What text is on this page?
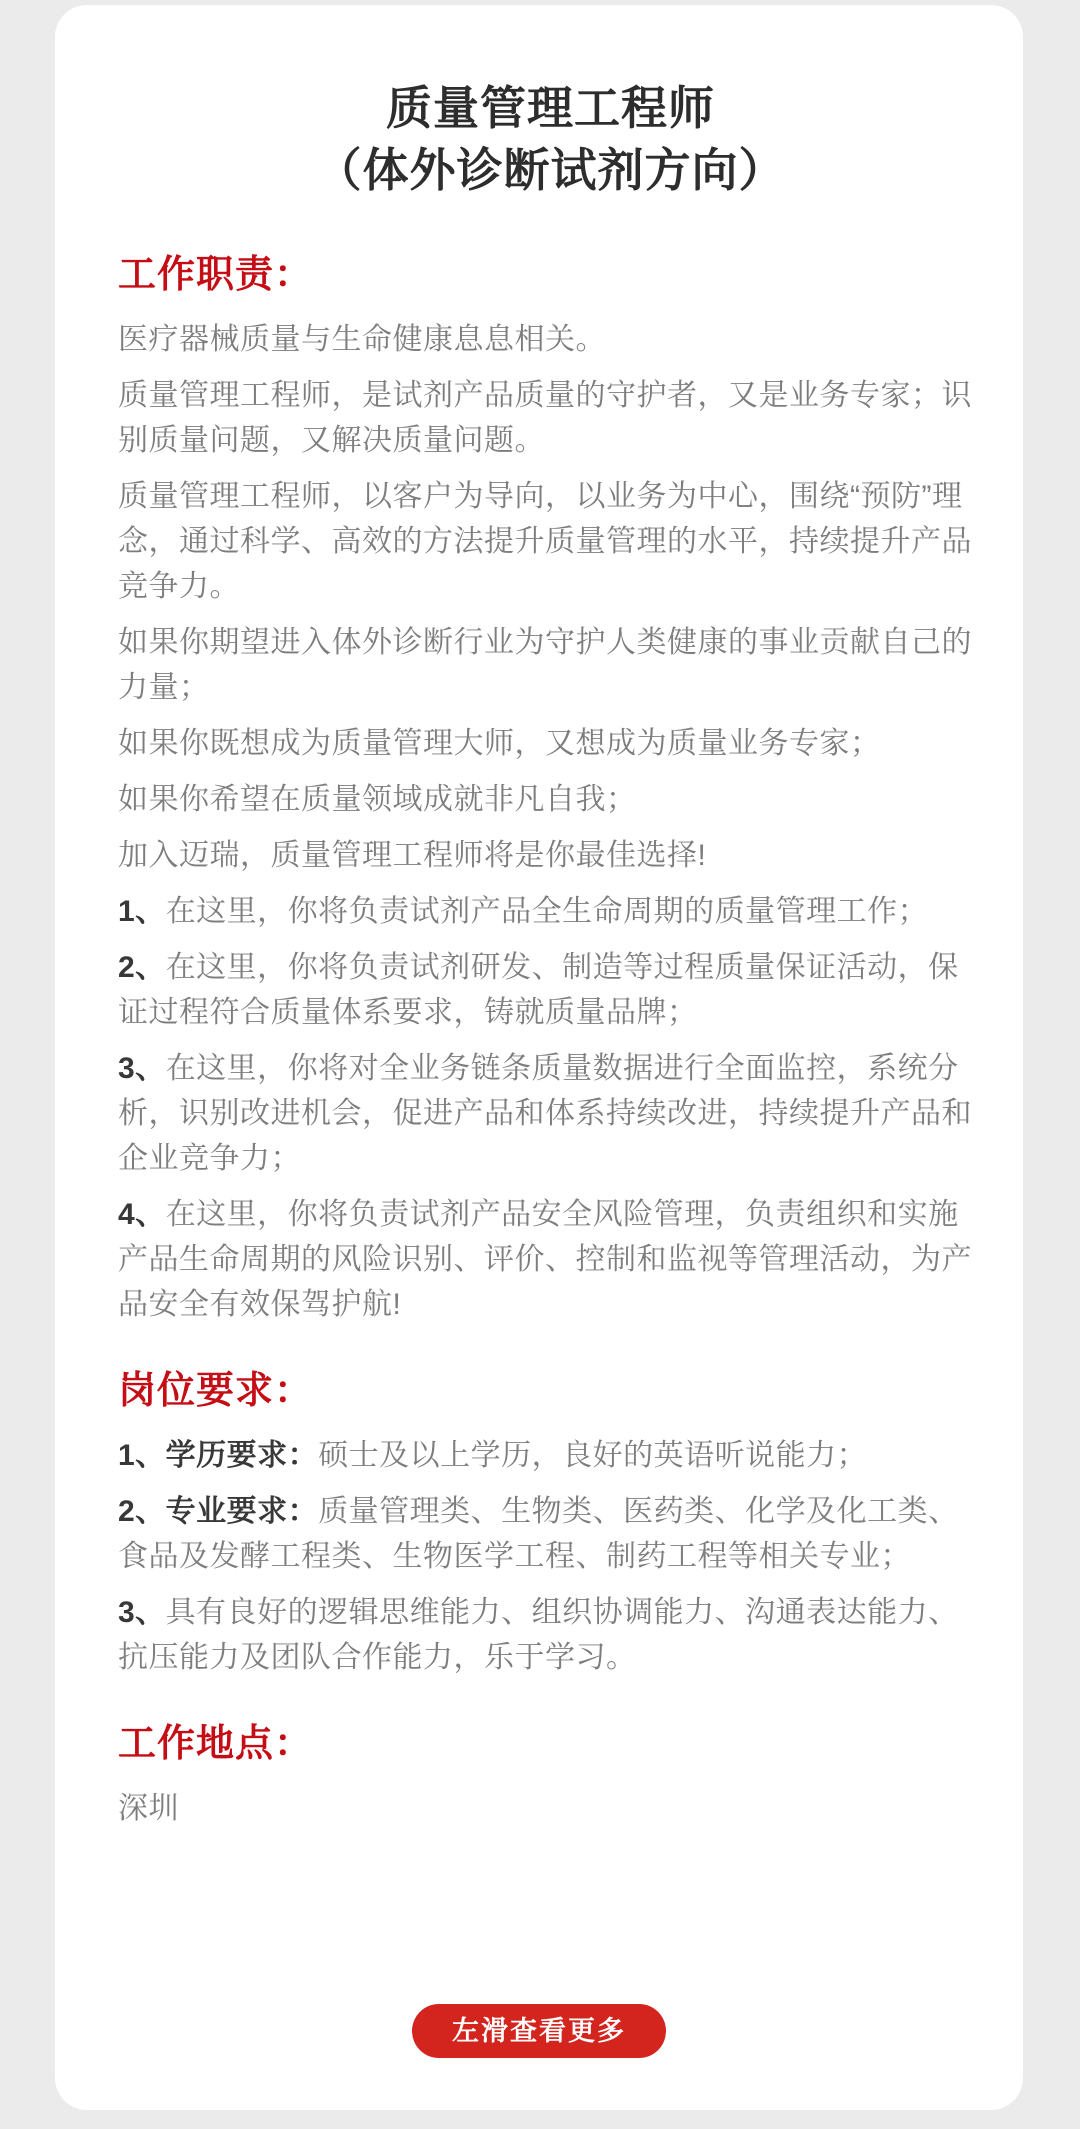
质量管理工程师
（体外诊断试剂方向）
工作职责：

医疗器械质量与生命健康息息相关。

质量管理工程师，是试剂产品质量的守护者，又是业务专家；识别质量问题，又解决质量问题。

质量管理工程师，以客户为导向，以业务为中心，围绕“预防”理念，通过科学、高效的方法提升质量管理的水平，持续提升产品竞争力。

如果你期望进入体外诊断行业为守护人类健康的事业贡献自己的力量；

如果你既想成为质量管理大师，又想成为质量业务专家；

如果你希望在质量领域成就非凡自我；

加入迈瑞，质量管理工程师将是你最佳选择!

1、在这里，你将负责试剂产品全生命周期的质量管理工作；

2、在这里，你将负责试剂研发、制造等过程质量保证活动，保证过程符合质量体系要求，铸就质量品牌；

3、在这里，你将对全业务链条质量数据进行全面监控，系统分析，识别改进机会，促进产品和体系持续改进，持续提升产品和企业竞争力；

4、在这里，你将负责试剂产品安全风险管理，负责组织和实施产品生命周期的风险识别、评价、控制和监视等管理活动，为产品安全有效保驾护航!

岗位要求：

1、学历要求：硕士及以上学历，良好的英语听说能力；

2、专业要求：质量管理类、生物类、医药类、化学及化工类、食品及发酵工程类、生物医学工程、制药工程等相关专业；

3、具有良好的逻辑思维能力、组织协调能力、沟通表达能力、抗压能力及团队合作能力，乐于学习。

工作地点：

深圳

左滑查看更多
